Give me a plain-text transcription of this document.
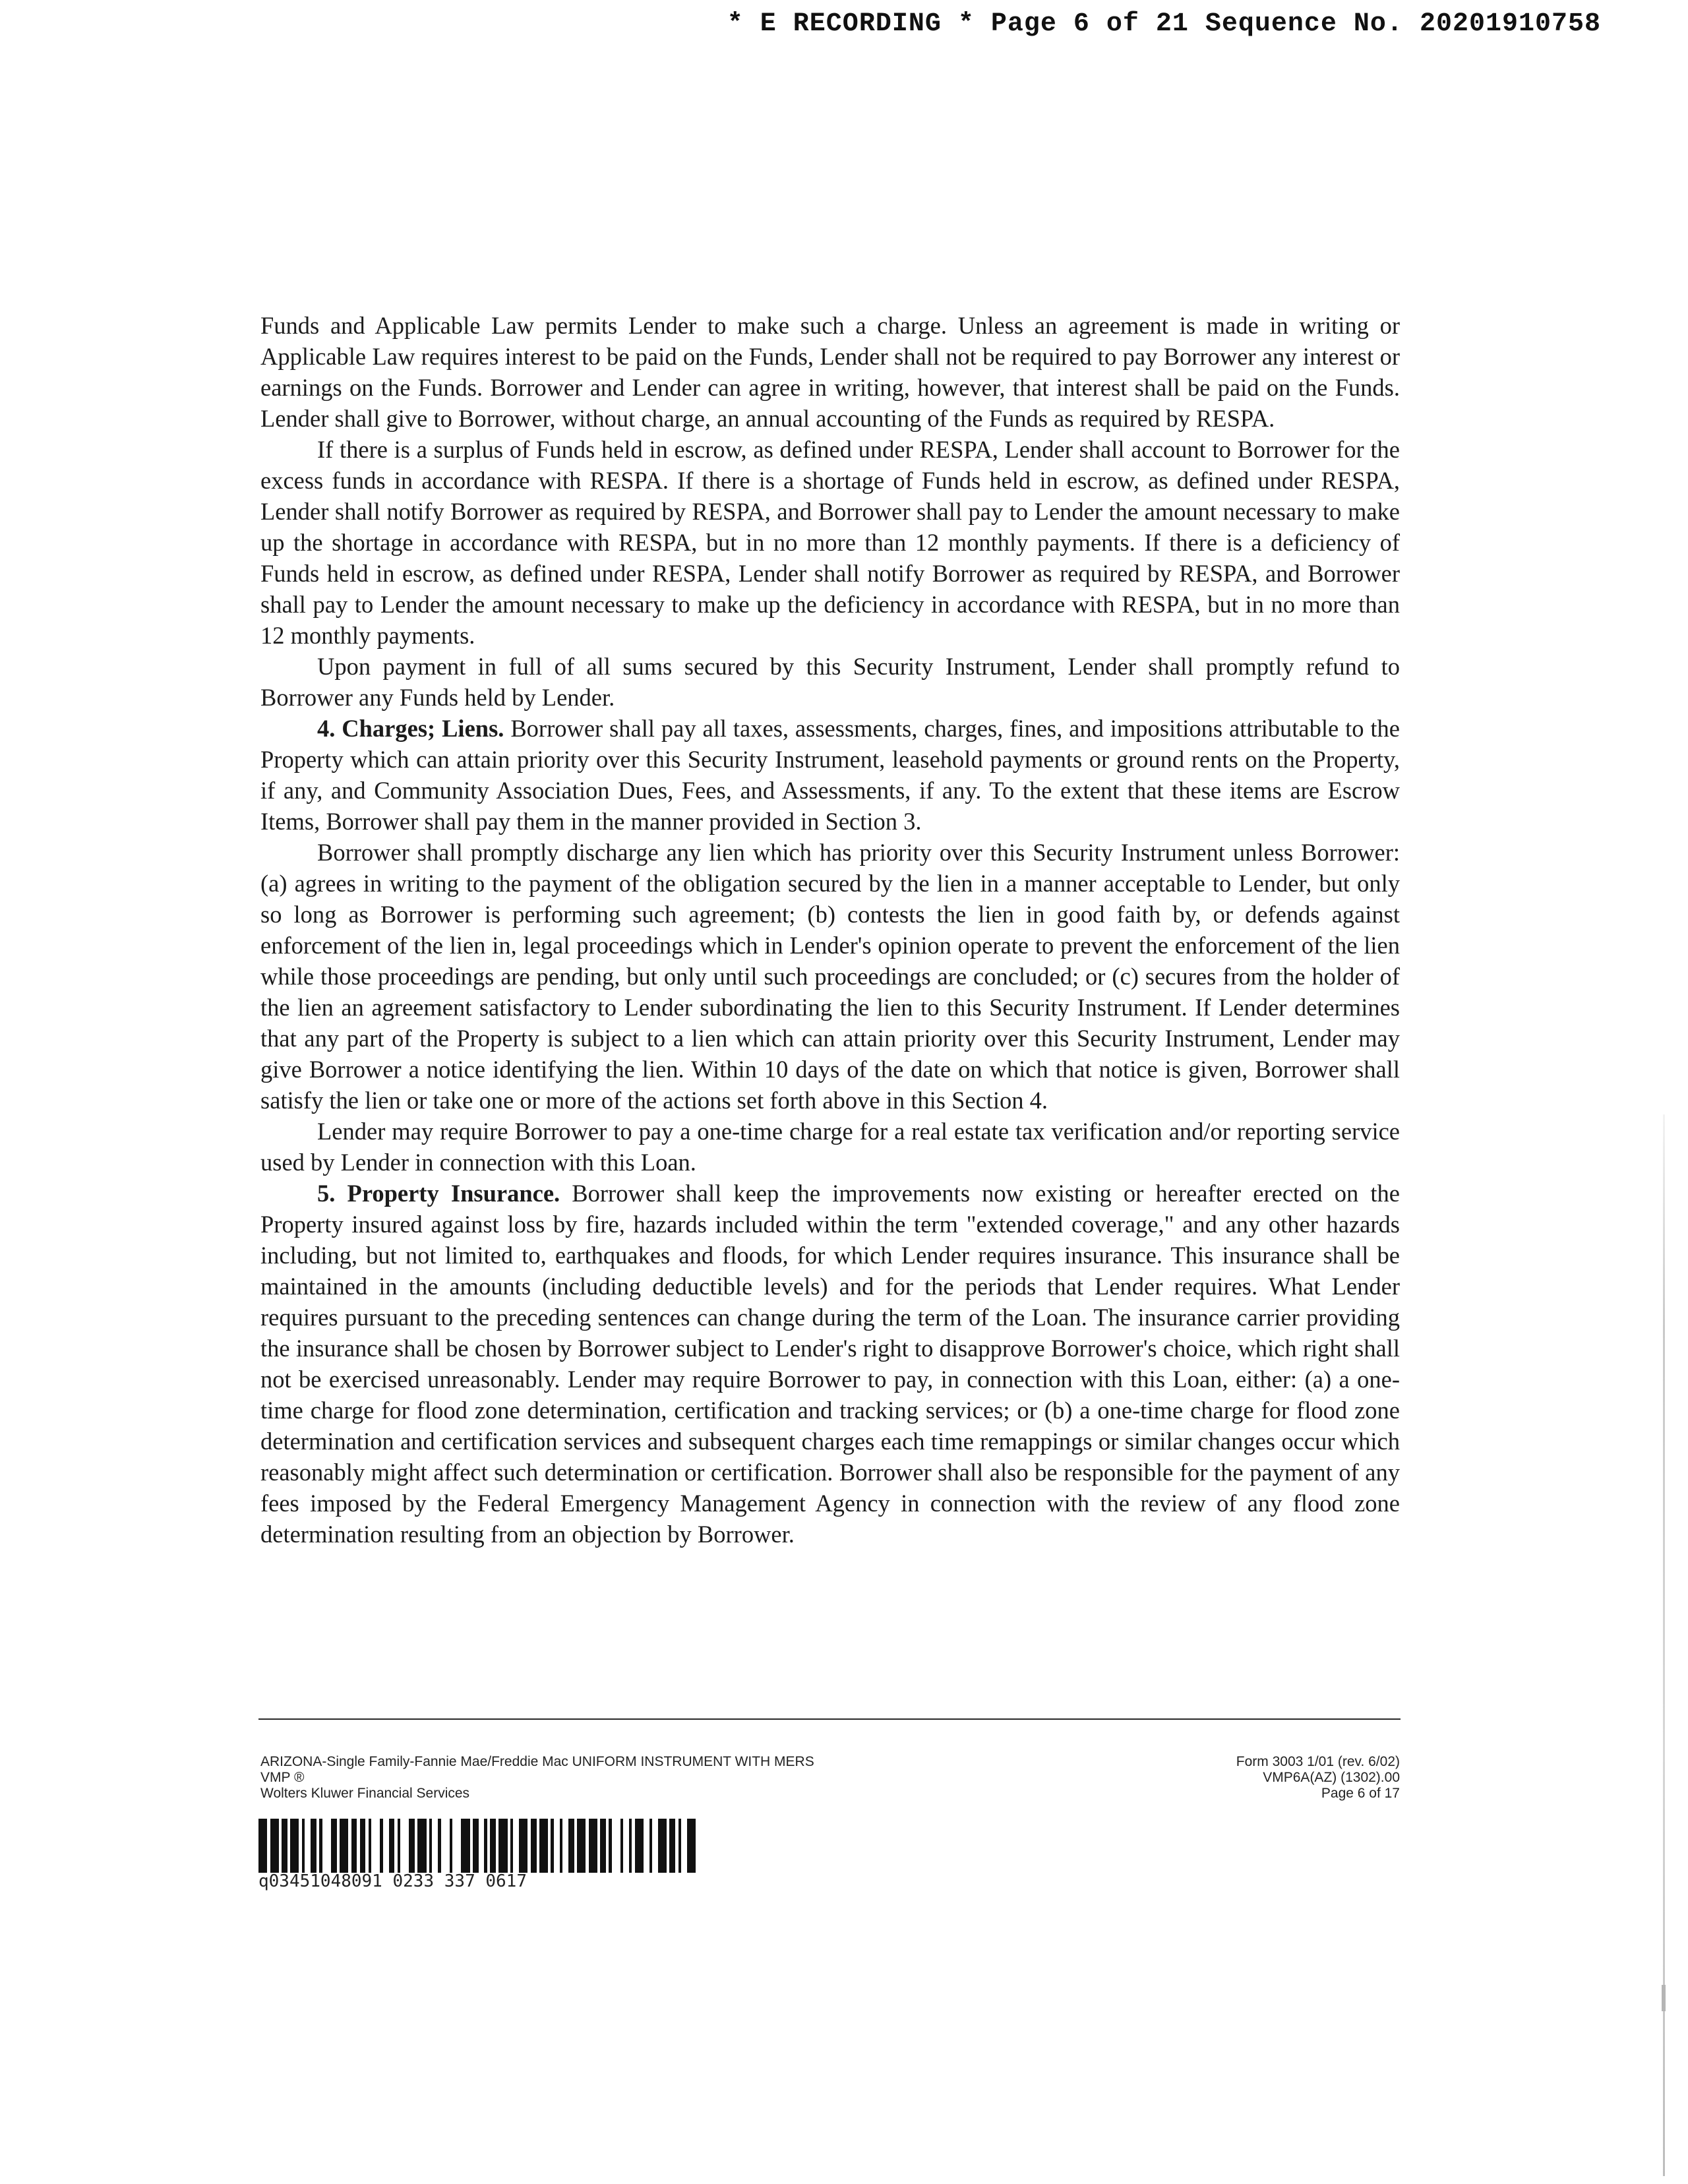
* E RECORDING * Page 6 of 21 Sequence No. 20201910758

Funds and Applicable Law permits Lender to make such a charge. Unless an agreement is made in writing or Applicable Law requires interest to be paid on the Funds, Lender shall not be required to pay Borrower any interest or earnings on the Funds. Borrower and Lender can agree in writing, however, that interest shall be paid on the Funds. Lender shall give to Borrower, without charge, an annual accounting of the Funds as required by RESPA.

If there is a surplus of Funds held in escrow, as defined under RESPA, Lender shall account to Borrower for the excess funds in accordance with RESPA. If there is a shortage of Funds held in escrow, as defined under RESPA, Lender shall notify Borrower as required by RESPA, and Borrower shall pay to Lender the amount necessary to make up the shortage in accordance with RESPA, but in no more than 12 monthly payments. If there is a deficiency of Funds held in escrow, as defined under RESPA, Lender shall notify Borrower as required by RESPA, and Borrower shall pay to Lender the amount necessary to make up the deficiency in accordance with RESPA, but in no more than 12 monthly payments.

Upon payment in full of all sums secured by this Security Instrument, Lender shall promptly refund to Borrower any Funds held by Lender.

4. Charges; Liens. Borrower shall pay all taxes, assessments, charges, fines, and impositions attributable to the Property which can attain priority over this Security Instrument, leasehold payments or ground rents on the Property, if any, and Community Association Dues, Fees, and Assessments, if any. To the extent that these items are Escrow Items, Borrower shall pay them in the manner provided in Section 3.

Borrower shall promptly discharge any lien which has priority over this Security Instrument unless Borrower: (a) agrees in writing to the payment of the obligation secured by the lien in a manner acceptable to Lender, but only so long as Borrower is performing such agreement; (b) contests the lien in good faith by, or defends against enforcement of the lien in, legal proceedings which in Lender's opinion operate to prevent the enforcement of the lien while those proceedings are pending, but only until such proceedings are concluded; or (c) secures from the holder of the lien an agreement satisfactory to Lender subordinating the lien to this Security Instrument. If Lender determines that any part of the Property is subject to a lien which can attain priority over this Security Instrument, Lender may give Borrower a notice identifying the lien. Within 10 days of the date on which that notice is given, Borrower shall satisfy the lien or take one or more of the actions set forth above in this Section 4.

Lender may require Borrower to pay a one-time charge for a real estate tax verification and/or reporting service used by Lender in connection with this Loan.

5. Property Insurance. Borrower shall keep the improvements now existing or hereafter erected on the Property insured against loss by fire, hazards included within the term "extended coverage," and any other hazards including, but not limited to, earthquakes and floods, for which Lender requires insurance. This insurance shall be maintained in the amounts (including deductible levels) and for the periods that Lender requires. What Lender requires pursuant to the preceding sentences can change during the term of the Loan. The insurance carrier providing the insurance shall be chosen by Borrower subject to Lender's right to disapprove Borrower's choice, which right shall not be exercised unreasonably. Lender may require Borrower to pay, in connection with this Loan, either: (a) a one-time charge for flood zone determination, certification and tracking services; or (b) a one-time charge for flood zone determination and certification services and subsequent charges each time remappings or similar changes occur which reasonably might affect such determination or certification. Borrower shall also be responsible for the payment of any fees imposed by the Federal Emergency Management Agency in connection with the review of any flood zone determination resulting from an objection by Borrower.

ARIZONA-Single Family-Fannie Mae/Freddie Mac UNIFORM INSTRUMENT WITH MERS
VMP ®
Wolters Kluwer Financial Services
Form 3003 1/01 (rev. 6/02)
VMP6A(AZ) (1302).00
Page 6 of 17
q03451048091 0233 337 0617
